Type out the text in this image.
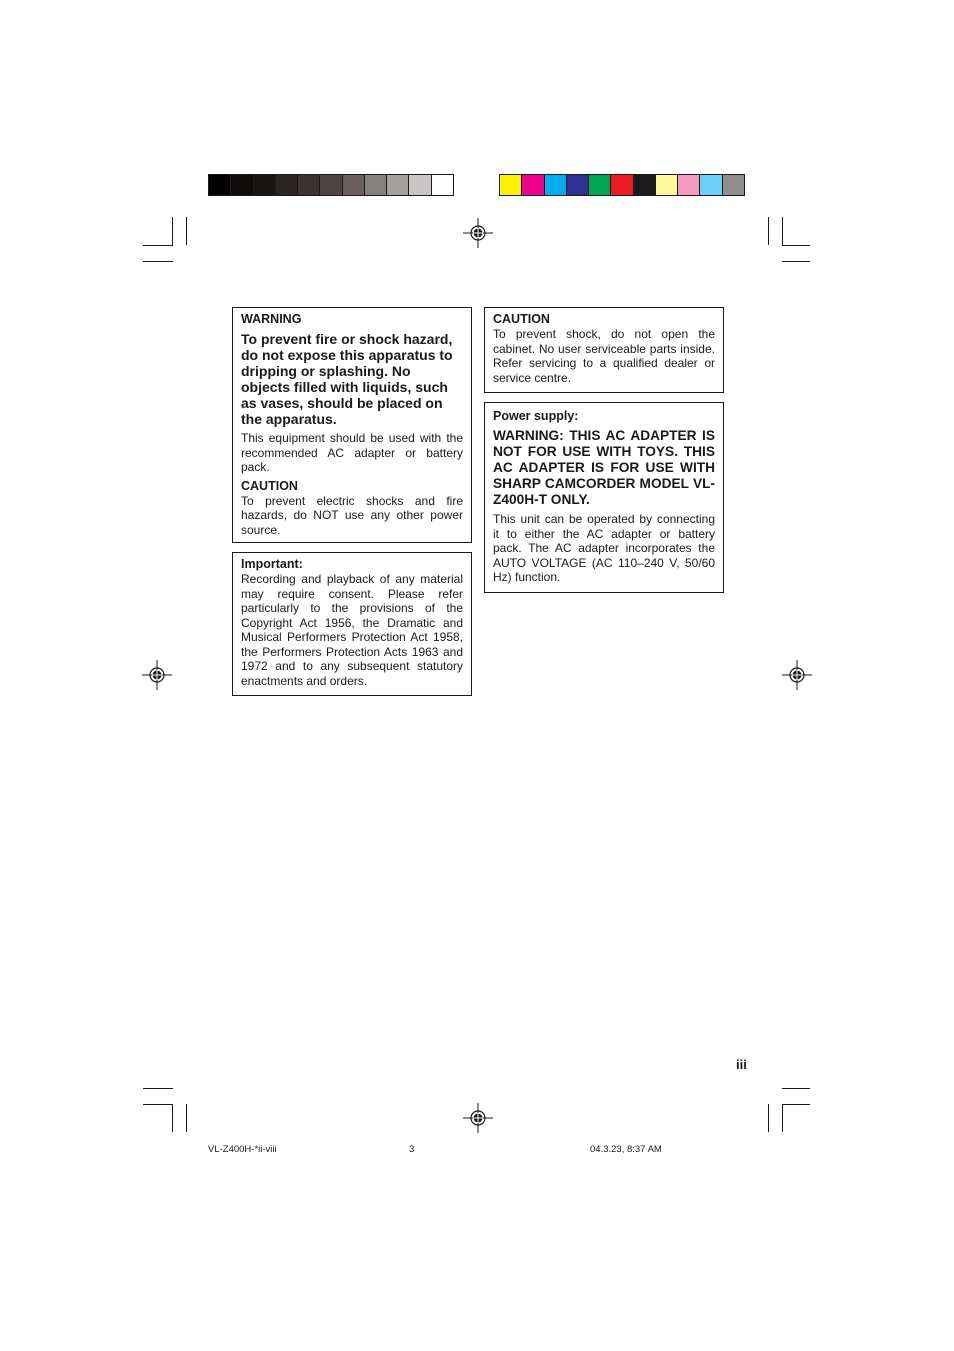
WARNING
To prevent fire or shock hazard, do not expose this apparatus to dripping or splashing. No objects filled with liquids, such as vases, should be placed on the apparatus.
This equipment should be used with the recommended AC adapter or battery pack.
CAUTION
To prevent electric shocks and fire hazards, do NOT use any other power source.
Important:
Recording and playback of any material may require consent. Please refer particularly to the provisions of the Copyright Act 1956, the Dramatic and Musical Performers Protection Act 1958, the Performers Protection Acts 1963 and 1972 and to any subsequent statutory enactments and orders.
CAUTION
To prevent shock, do not open the cabinet. No user serviceable parts inside. Refer servicing to a qualified dealer or service centre.
Power supply:
WARNING: THIS AC ADAPTER IS NOT FOR USE WITH TOYS. THIS AC ADAPTER IS FOR USE WITH SHARP CAMCORDER MODEL VL-Z400H-T ONLY.
This unit can be operated by connecting it to either the AC adapter or battery pack. The AC adapter incorporates the AUTO VOLTAGE (AC 110–240 V, 50/60 Hz) function.
iii
VL-Z400H-*ii-viii	3	04.3.23, 8:37 AM
